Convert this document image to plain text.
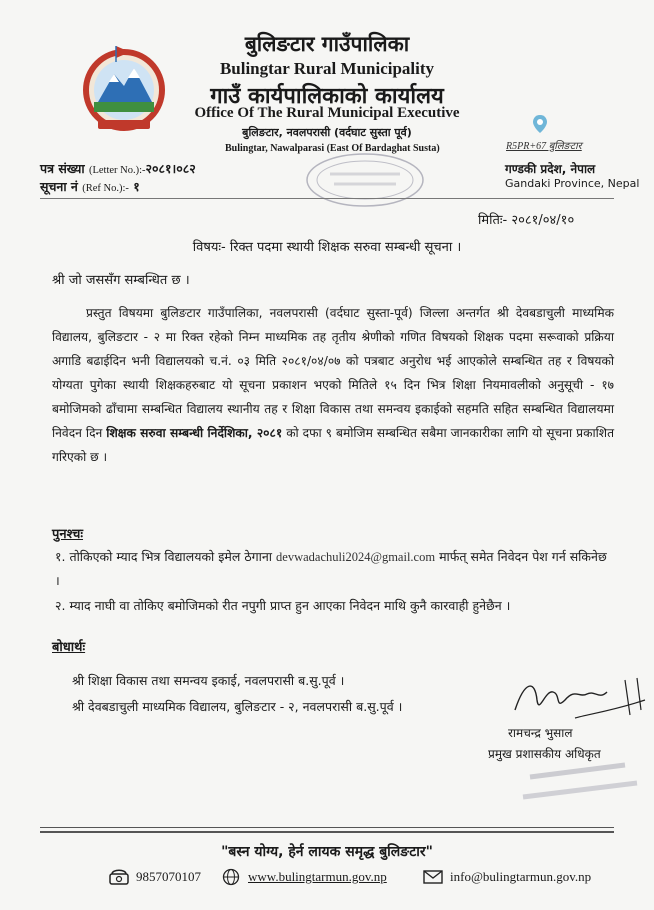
बुलिङटार गाउँपालिका
Bulingtar Rural Municipality
गाउँ कार्यपालिकाको कार्यालय
Office Of The Rural Municipal Executive
बुलिङटार, नवलपरासी (वर्दघाट सुस्ता पूर्व)
Bulingtar, Nawalparasi (East Of Bardaghat Susta)	R5PR+67 बुलिङटार
गण्डकी प्रदेश, नेपाल
Gandaki Province, Nepal
पत्र संख्या (Letter No.):-२०८१।०८२
सूचना नं (Ref No.):- १
मितिः- २०८१/०४/१०
विषयः- रिक्त पदमा स्थायी शिक्षक सरुवा सम्बन्धी सूचना ।
श्री जो जससँग सम्बन्धित छ ।

प्रस्तुत विषयमा बुलिङटार गाउँपालिका, नवलपरासी (वर्दघाट सुस्ता-पूर्व) जिल्ला अन्तर्गत श्री देवबडाचुली माध्यमिक विद्यालय, बुलिङटार - २ मा रिक्त रहेको निम्न माध्यमिक तह तृतीय श्रेणीको गणित विषयको शिक्षक पदमा सरूवाको प्रक्रिया अगाडि बढाईदिन भनी विद्यालयको च.नं. ०३ मिति २०८१/०४/०७ को पत्रबाट अनुरोध भई आएकोले सम्बन्धित तह र विषयको योग्यता पुगेका स्थायी शिक्षकहरुबाट यो सूचना प्रकाशन भएको मितिले १५ दिन भित्र शिक्षा नियमावलीको अनुसूची - १७ बमोजिमको ढाँचामा सम्बन्धित विद्यालय स्थानीय तह र शिक्षा विकास तथा समन्वय इकाईको सहमति सहित सम्बन्धित विद्यालयमा निवेदन दिन शिक्षक सरुवा सम्बन्धी निर्देशिका, २०८१ को दफा ९ बमोजिम सम्बन्धित सबैमा जानकारीका लागि यो सूचना प्रकाशित गरिएको छ ।

पुनश्चः
१. तोकिएको म्याद भित्र विद्यालयको इमेल ठेगाना devwadachuli2024@gmail.com मार्फत् समेत निवेदन पेश गर्न सकिनेछ ।
२. म्याद नाघी वा तोकिए बमोजिमको रीत नपुगी प्राप्त हुन आएका निवेदन माथि कुनै कारवाही हुनेछैन ।
बोधार्थः
श्री शिक्षा विकास तथा समन्वय इकाई, नवलपरासी ब.सु.पूर्व ।
श्री देवबडाचुली माध्यमिक विद्यालय, बुलिङटार - २, नवलपरासी ब.सु.पूर्व ।
रामचन्द्र भुसाल
प्रमुख प्रशासकीय अधिकृत
"बस्न योग्य, हेर्न लायक समृद्ध बुलिङटार"
9857070107	www.bulingtarmun.gov.np	info@bulingtarmun.gov.np
